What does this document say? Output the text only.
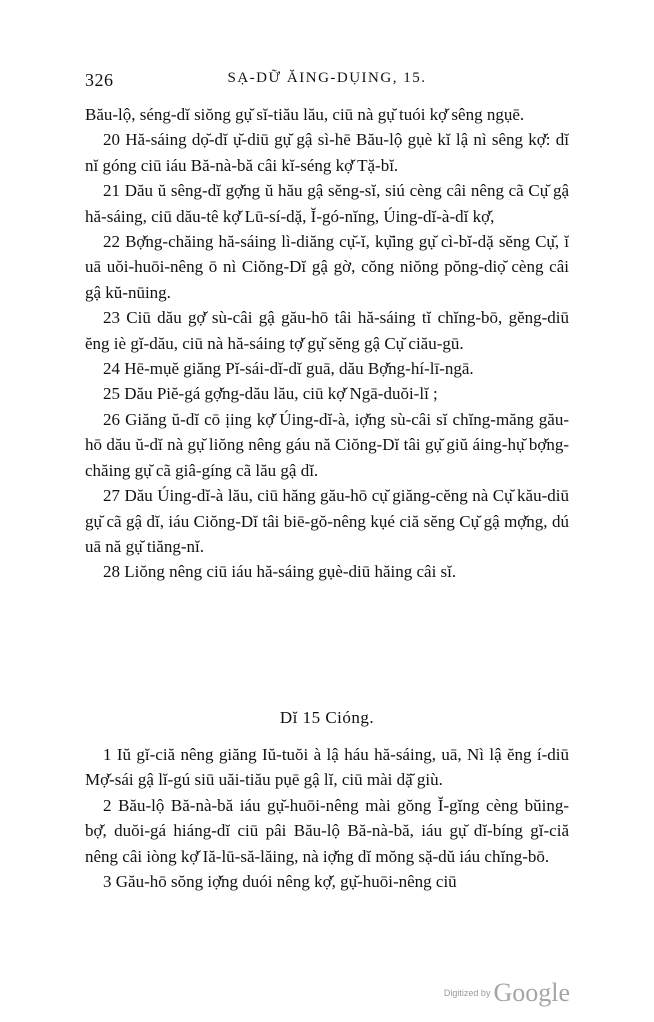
326	SẠ-DỮ ĂING-DỤING, 15.

Bău-lộ, séng-dĭ siŏng gụ̆ sĭ-tiău lău, ciū nà gụ̆ tuói kợ̆ sêng ngụē.

20 Hă-sáing dọ̆-dĭ ụ̆-diū gụ̆ gậ sì-hē Bău-lộ gụè kĭ lậ nì sêng kợ̆: dĭ nĭ góng ciū iáu Bă-nà-bă câi kĭ-séng kợ̆ Tặ-bĭ.

21 Dău ŭ sêng-dĭ gợ̆ng ŭ hău gậ sĕng-sĭ, siú cèng câi nêng cã Cụ̆ gậ hă-sáing, ciū dău-tê kợ̆ Lū-sí-dặ, Ĭ-gó-nĭng, Úing-dĭ-à-dĭ kợ̆,

22 Bợ̆ng-chăing hă-sáing lì-diăng cụ̆-ĭ, kụ̆ing gụ̆ cì-bĭ-dặ sĕng Cụ̆, ĭ uā uŏi-huōi-nêng ō nì Ciŏng-Dĭ gậ gờ, cŏng niŏng pŏng-diọ̆ cèng câi gậ kŭ-nūing.

23 Ciū dău gợ̆ sù-câi gậ gău-hō tâi hă-sáing tĭ chĭng-bō, gĕng-diū ĕng iè gĭ-dău, ciū nà hă-sáing tợ̆ gụ̆ sĕng gậ Cụ̆ ciău-gū.

24 Hē-mụĕ giăng Pĭ-sái-dĭ-dĭ guā, dău Bợ̆ng-hí-lī-ngā.

25 Dău Piĕ-gá gợ̆ng-dău lău, ciū kợ̆ Ngā-duŏi-lĭ ;

26 Giăng ŭ-dĭ cō ịing kợ̆ Úing-dĭ-à, iợ̆ng sù-câi sĭ chĭng-măng gău-hō dău ŭ-dĭ nà gụ̆ liŏng nêng gáu nă Ciŏng-Dĭ tâi gụ̆ giŭ áing-hụ̆ bợ̆ng-chăing gụ̆ cã giâ-gíng cã lău gậ dĭ.

27 Dău Úing-dĭ-à lău, ciū hăng gău-hō cụ̆ giăng-cĕng nà Cụ̆ kău-diū gụ̆ cã gậ dĭ, iáu Ciŏng-Dĭ tâi biē-gŏ-nêng kụé ciă sĕng Cụ̆ gậ mợ̆ng, dú uā nă gụ̆ tiăng-nĭ.

28 Liŏng nêng ciū iáu hă-sáing gụè-diū hăing câi sĭ.

Dĭ 15 Cióng.

1 Iŭ gĭ-ciă nêng giăng Iŭ-tuŏi à lậ háu hă-sáing, uā, Nì lậ ĕng í-diū Mợ̆-sái gậ lĭ-gú siū uăi-tiău pụē gậ lĭ, ciū mài dặ̆ giù.

2 Bău-lộ Bă-nà-bă iáu gụ̆-huōi-nêng mài gŏng Ĭ-gĭng cèng bŭing-bợ̆, duŏi-gá hiáng-dĭ ciū pâi Bău-lộ Bă-nà-bă, iáu gụ̆ dĭ-bíng gĭ-ciă nêng câi iòng kợ̆ Iă-lū-să-lăing, nà iợ̆ng dĭ mŏng sặ-dŭ iáu chĭng-bō.

3 Gău-hō sŏng iợ̆ng duói nêng kợ̆, gụ̆-huōi-nêng ciū

Digitized by Google
